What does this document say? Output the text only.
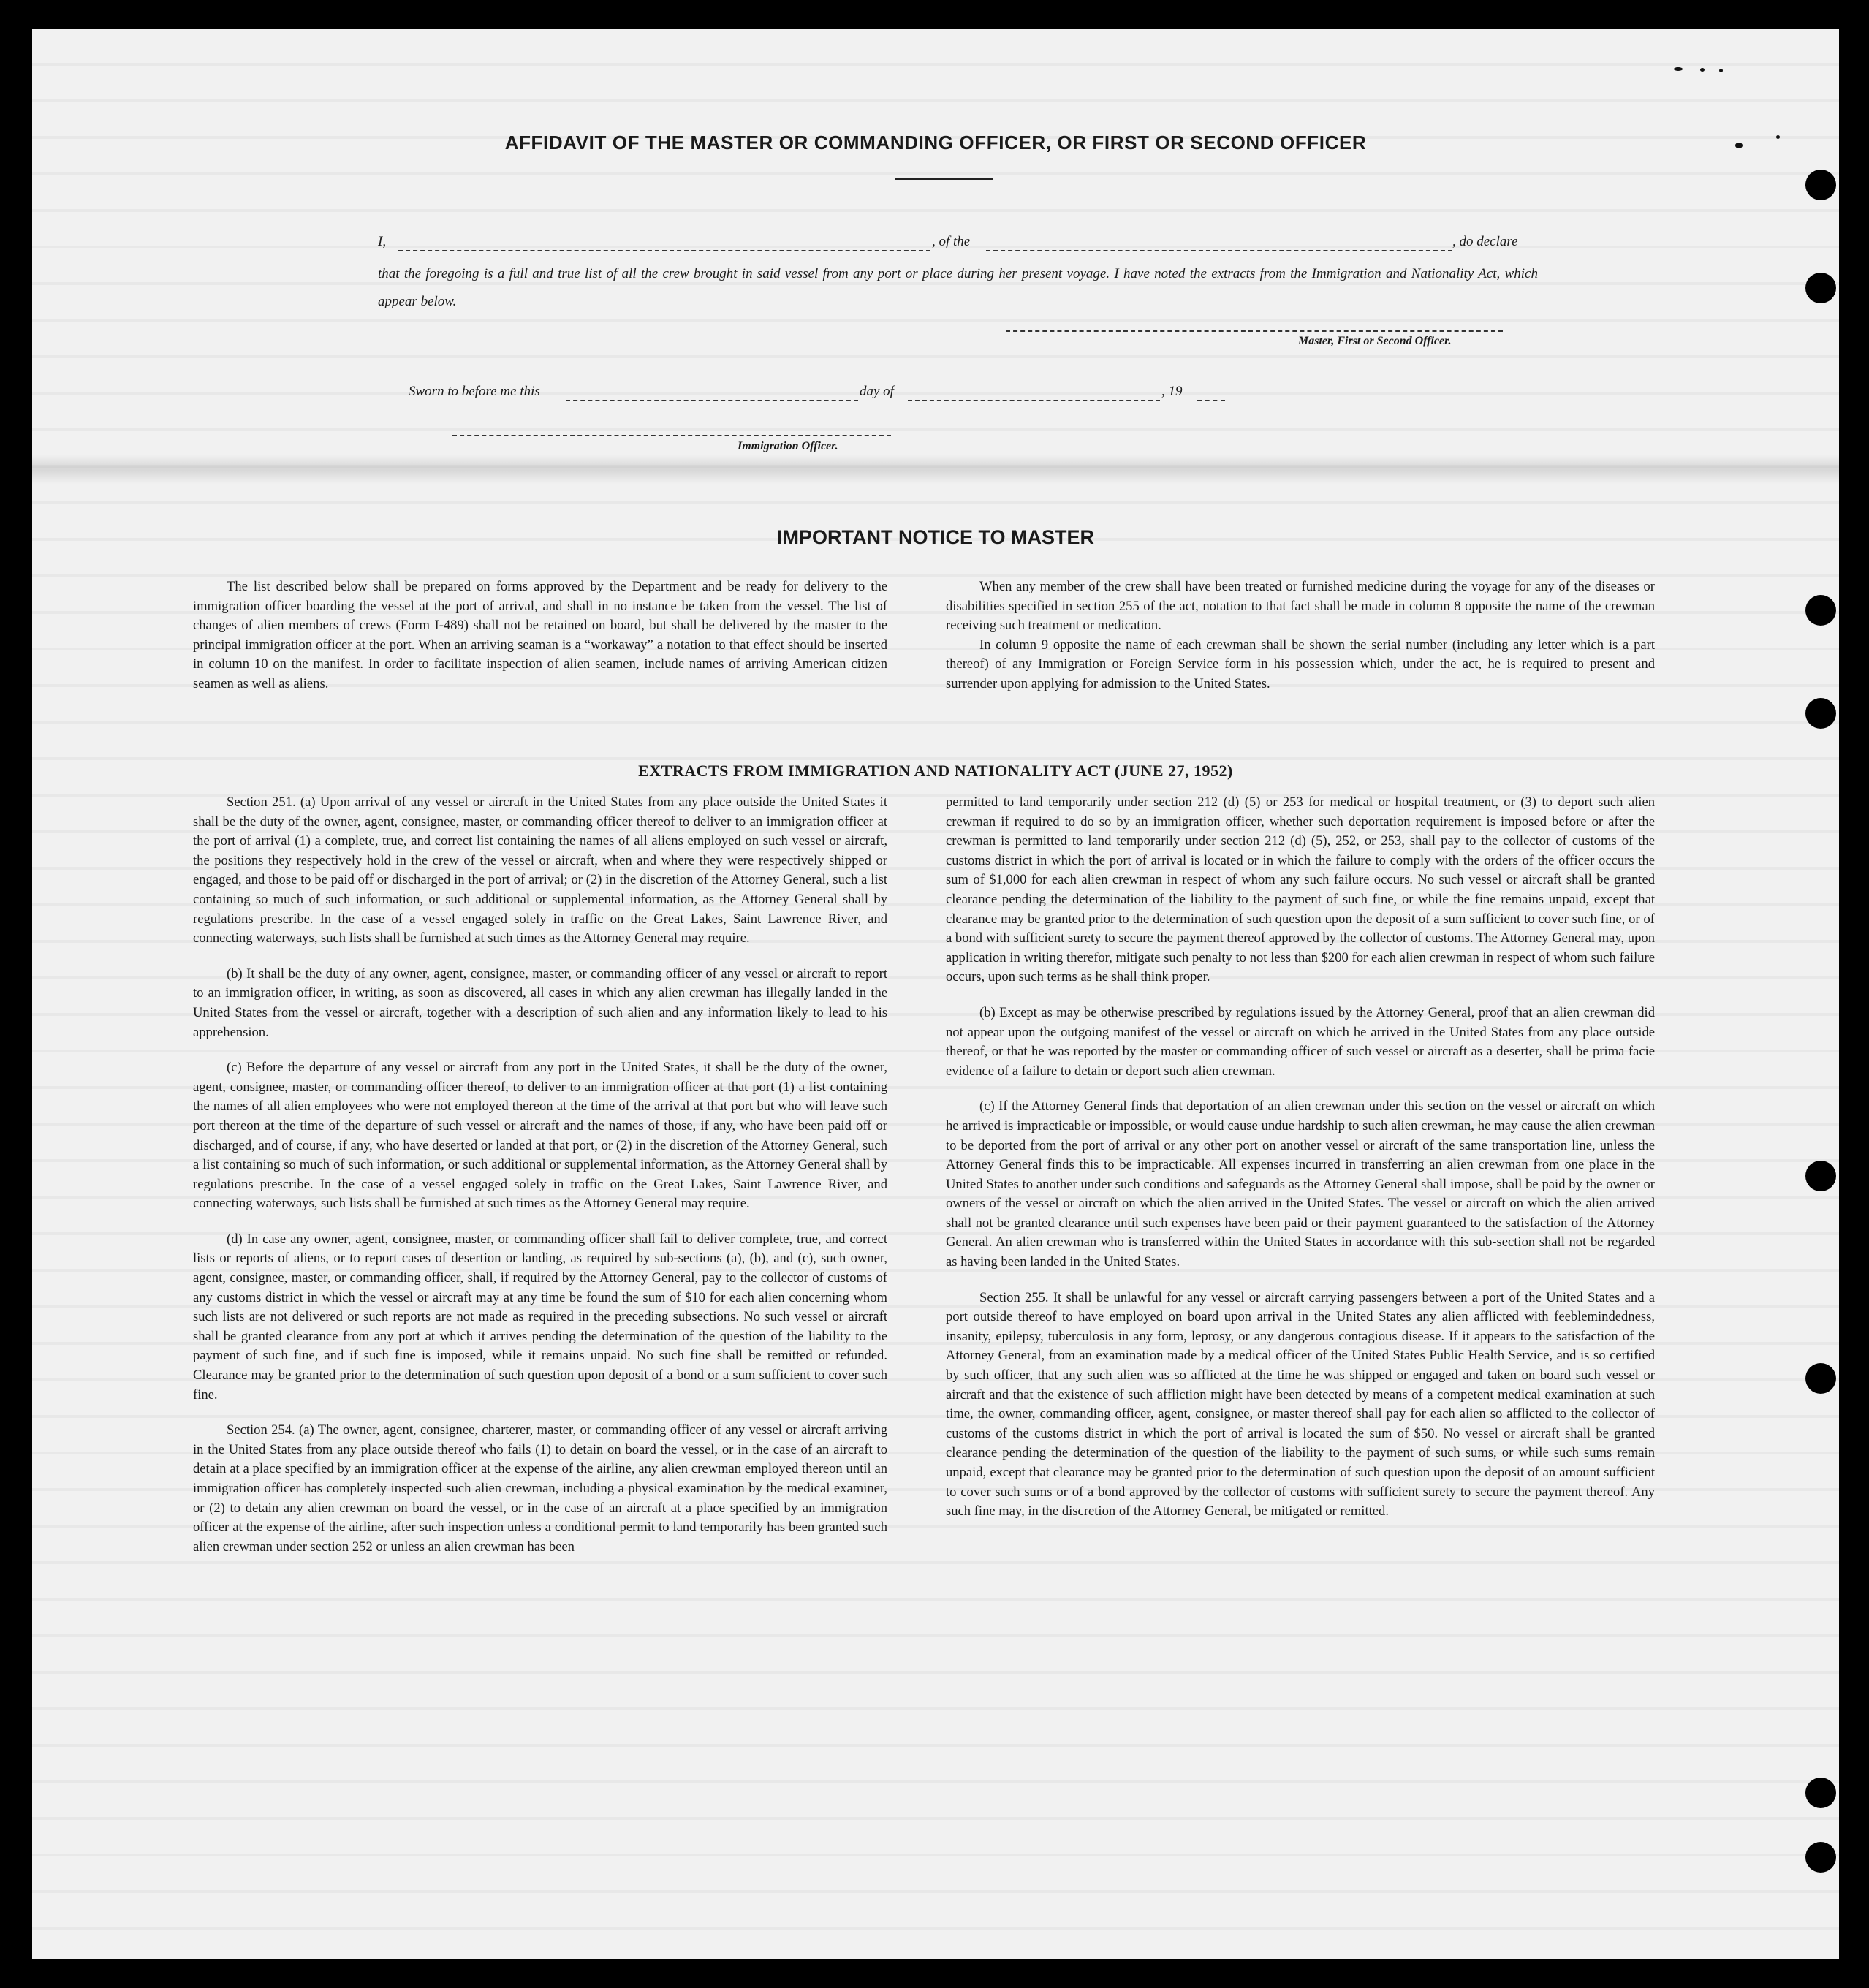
AFFIDAVIT OF THE MASTER OR COMMANDING OFFICER, OR FIRST OR SECOND OFFICER
I,	, of the	, do declare
that the foregoing is a full and true list of all the crew brought in said vessel from any port or place during her present voyage. I have noted the extracts from the Immigration and Nationality Act, which appear below.
Master, First or Second Officer.
Sworn to before me this	day of	, 19
Immigration Officer.
IMPORTANT NOTICE TO MASTER

The list described below shall be prepared on forms approved by the Department and be ready for delivery to the immigration officer boarding the vessel at the port of arrival, and shall in no instance be taken from the vessel. The list of changes of alien members of crews (Form I-489) shall not be retained on board, but shall be delivered by the master to the principal immigration officer at the port. When an arriving seaman is a “workaway” a notation to that effect should be inserted in column 10 on the manifest. In order to facilitate inspection of alien seamen, include names of arriving American citizen seamen as well as aliens.

When any member of the crew shall have been treated or furnished medicine during the voyage for any of the diseases or disabilities specified in section 255 of the act, notation to that fact shall be made in column 8 opposite the name of the crewman receiving such treatment or medication.

In column 9 opposite the name of each crewman shall be shown the serial number (including any letter which is a part thereof) of any Immigration or Foreign Service form in his possession which, under the act, he is required to present and surrender upon applying for admission to the United States.

EXTRACTS FROM IMMIGRATION AND NATIONALITY ACT (JUNE 27, 1952)

Section 251. (a) Upon arrival of any vessel or aircraft in the United States from any place outside the United States it shall be the duty of the owner, agent, consignee, master, or commanding officer thereof to deliver to an immigration officer at the port of arrival (1) a complete, true, and correct list containing the names of all aliens employed on such vessel or aircraft, the positions they respectively hold in the crew of the vessel or aircraft, when and where they were respectively shipped or engaged, and those to be paid off or discharged in the port of arrival; or (2) in the discretion of the Attorney General, such a list containing so much of such information, or such additional or supplemental information, as the Attorney General shall by regulations prescribe. In the case of a vessel engaged solely in traffic on the Great Lakes, Saint Lawrence River, and connecting waterways, such lists shall be furnished at such times as the Attorney General may require.

(b) It shall be the duty of any owner, agent, consignee, master, or commanding officer of any vessel or aircraft to report to an immigration officer, in writing, as soon as discovered, all cases in which any alien crewman has illegally landed in the United States from the vessel or aircraft, together with a description of such alien and any information likely to lead to his apprehension.

(c) Before the departure of any vessel or aircraft from any port in the United States, it shall be the duty of the owner, agent, consignee, master, or commanding officer thereof, to deliver to an immigration officer at that port (1) a list containing the names of all alien employees who were not employed thereon at the time of the arrival at that port but who will leave such port thereon at the time of the departure of such vessel or aircraft and the names of those, if any, who have been paid off or discharged, and of course, if any, who have deserted or landed at that port, or (2) in the discretion of the Attorney General, such a list containing so much of such information, or such additional or supplemental information, as the Attorney General shall by regulations prescribe. In the case of a vessel engaged solely in traffic on the Great Lakes, Saint Lawrence River, and connecting waterways, such lists shall be furnished at such times as the Attorney General may require.

(d) In case any owner, agent, consignee, master, or commanding officer shall fail to deliver complete, true, and correct lists or reports of aliens, or to report cases of desertion or landing, as required by sub-sections (a), (b), and (c), such owner, agent, consignee, master, or commanding officer, shall, if required by the Attorney General, pay to the collector of customs of any customs district in which the vessel or aircraft may at any time be found the sum of $10 for each alien concerning whom such lists are not delivered or such reports are not made as required in the preceding subsections. No such vessel or aircraft shall be granted clearance from any port at which it arrives pending the determination of the question of the liability to the payment of such fine, and if such fine is imposed, while it remains unpaid. No such fine shall be remitted or refunded. Clearance may be granted prior to the determination of such question upon deposit of a bond or a sum sufficient to cover such fine.

Section 254. (a) The owner, agent, consignee, charterer, master, or commanding officer of any vessel or aircraft arriving in the United States from any place outside thereof who fails (1) to detain on board the vessel, or in the case of an aircraft to detain at a place specified by an immigration officer at the expense of the airline, any alien crewman employed thereon until an immigration officer has completely inspected such alien crewman, including a physical examination by the medical examiner, or (2) to detain any alien crewman on board the vessel, or in the case of an aircraft at a place specified by an immigration officer at the expense of the airline, after such inspection unless a conditional permit to land temporarily has been granted such alien crewman under section 252 or unless an alien crewman has been

permitted to land temporarily under section 212 (d) (5) or 253 for medical or hospital treatment, or (3) to deport such alien crewman if required to do so by an immigration officer, whether such deportation requirement is imposed before or after the crewman is permitted to land temporarily under section 212 (d) (5), 252, or 253, shall pay to the collector of customs of the customs district in which the port of arrival is located or in which the failure to comply with the orders of the officer occurs the sum of $1,000 for each alien crewman in respect of whom any such failure occurs. No such vessel or aircraft shall be granted clearance pending the determination of the liability to the payment of such fine, or while the fine remains unpaid, except that clearance may be granted prior to the determination of such question upon the deposit of a sum sufficient to cover such fine, or of a bond with sufficient surety to secure the payment thereof approved by the collector of customs. The Attorney General may, upon application in writing therefor, mitigate such penalty to not less than $200 for each alien crewman in respect of whom such failure occurs, upon such terms as he shall think proper.

(b) Except as may be otherwise prescribed by regulations issued by the Attorney General, proof that an alien crewman did not appear upon the outgoing manifest of the vessel or aircraft on which he arrived in the United States from any place outside thereof, or that he was reported by the master or commanding officer of such vessel or aircraft as a deserter, shall be prima facie evidence of a failure to detain or deport such alien crewman.

(c) If the Attorney General finds that deportation of an alien crewman under this section on the vessel or aircraft on which he arrived is impracticable or impossible, or would cause undue hardship to such alien crewman, he may cause the alien crewman to be deported from the port of arrival or any other port on another vessel or aircraft of the same transportation line, unless the Attorney General finds this to be impracticable. All expenses incurred in transferring an alien crewman from one place in the United States to another under such conditions and safeguards as the Attorney General shall impose, shall be paid by the owner or owners of the vessel or aircraft on which the alien arrived in the United States. The vessel or aircraft on which the alien arrived shall not be granted clearance until such expenses have been paid or their payment guaranteed to the satisfaction of the Attorney General. An alien crewman who is transferred within the United States in accordance with this sub-section shall not be regarded as having been landed in the United States.

Section 255. It shall be unlawful for any vessel or aircraft carrying passengers between a port of the United States and a port outside thereof to have employed on board upon arrival in the United States any alien afflicted with feeblemindedness, insanity, epilepsy, tuberculosis in any form, leprosy, or any dangerous contagious disease. If it appears to the satisfaction of the Attorney General, from an examination made by a medical officer of the United States Public Health Service, and is so certified by such officer, that any such alien was so afflicted at the time he was shipped or engaged and taken on board such vessel or aircraft and that the existence of such affliction might have been detected by means of a competent medical examination at such time, the owner, commanding officer, agent, consignee, or master thereof shall pay for each alien so afflicted to the collector of customs of the customs district in which the port of arrival is located the sum of $50. No vessel or aircraft shall be granted clearance pending the determination of the question of the liability to the payment of such sums, or while such sums remain unpaid, except that clearance may be granted prior to the determination of such question upon the deposit of an amount sufficient to cover such sums or of a bond approved by the collector of customs with sufficient surety to secure the payment thereof. Any such fine may, in the discretion of the Attorney General, be mitigated or remitted.
